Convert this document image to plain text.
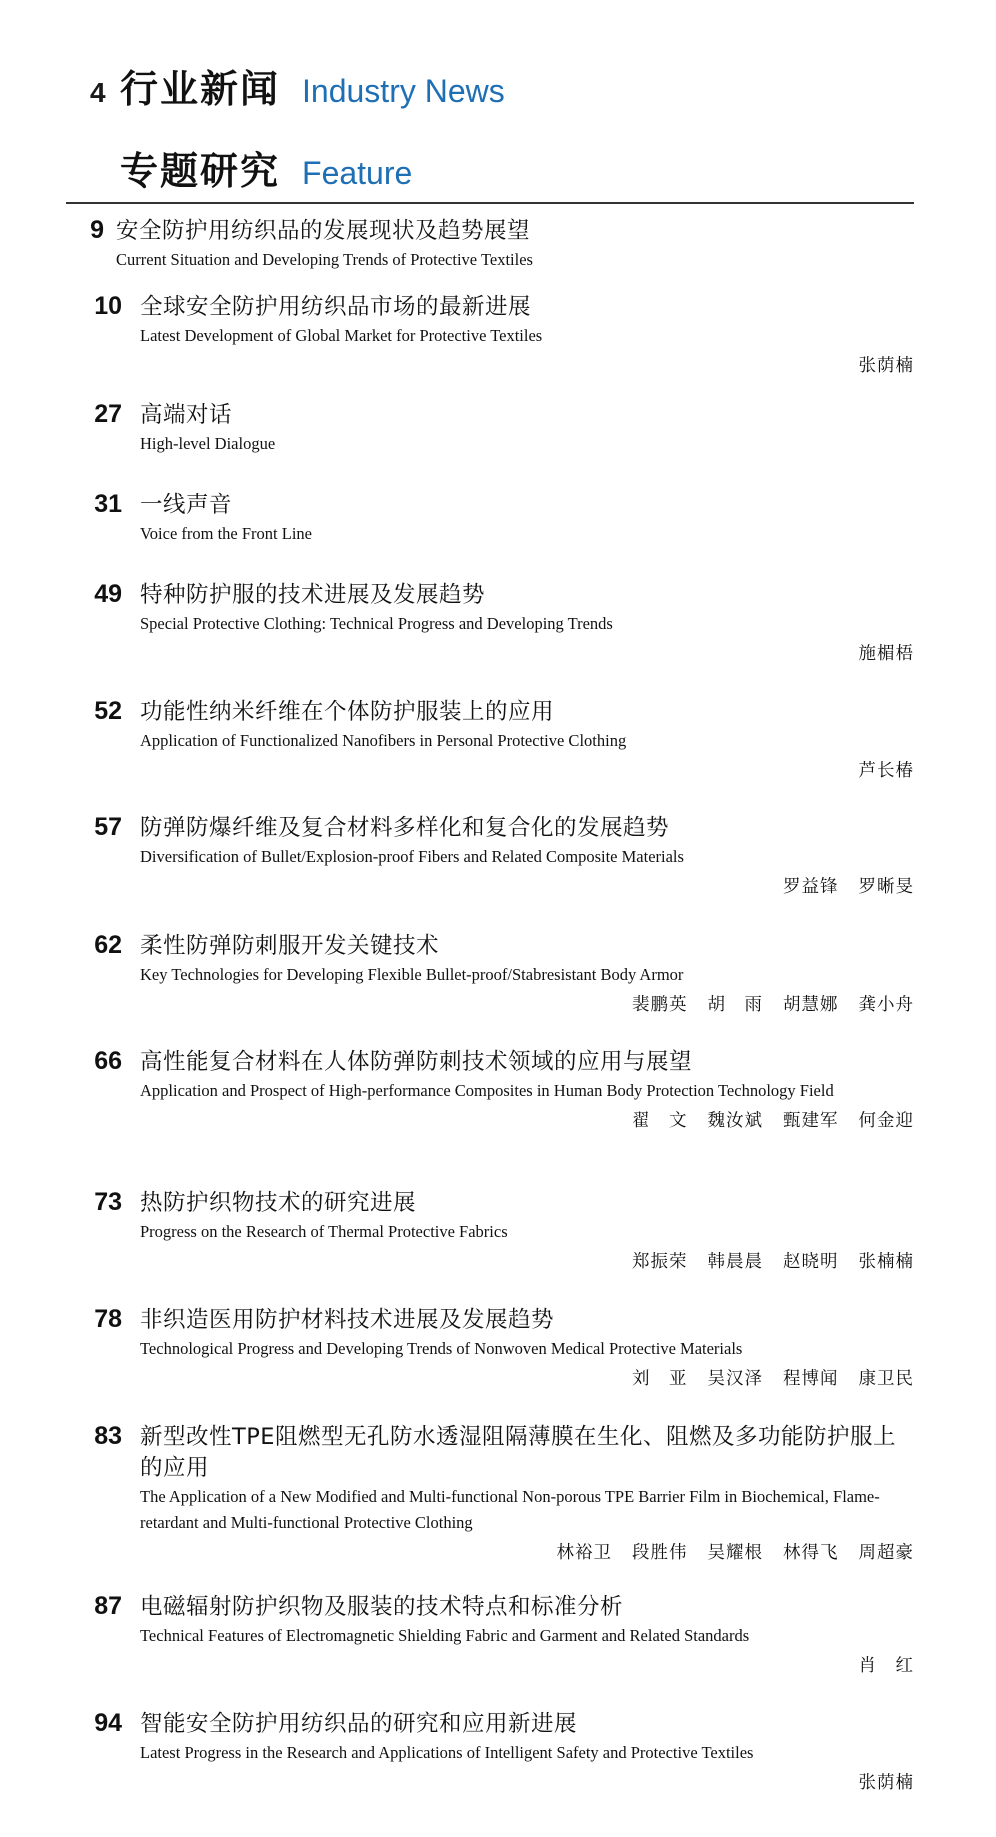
4 行业新闻 Industry News
专题研究 Feature
9 安全防护用纺织品的发展现状及趋势展望
Current Situation and Developing Trends of Protective Textiles
10 全球安全防护用纺织品市场的最新进展
Latest Development of Global Market for Protective Textiles
张荫楠
27 高端对话
High-level Dialogue
31 一线声音
Voice from the Front Line
49 特种防护服的技术进展及发展趋势
Special Protective Clothing: Technical Progress and Developing Trends
施楣梧
52 功能性纳米纤维在个体防护服装上的应用
Application of Functionalized Nanofibers in Personal Protective Clothing
芦长椿
57 防弹防爆纤维及复合材料多样化和复合化的发展趋势
Diversification of Bullet/Explosion-proof Fibers and Related Composite Materials
罗益锋 罗晰旻
62 柔性防弹防刺服开发关键技术
Key Technologies for Developing Flexible Bullet-proof/Stabresistant Body Armor
裴鹏英 胡　雨 胡慧娜 龚小舟
66 高性能复合材料在人体防弹防刺技术领域的应用与展望
Application and Prospect of High-performance Composites in Human Body Protection Technology Field
翟　文 魏汝斌 甄建军 何金迎
73 热防护织物技术的研究进展
Progress on the Research of Thermal Protective Fabrics
郑振荣 韩晨晨 赵晓明 张楠楠
78 非织造医用防护材料技术进展及发展趋势
Technological Progress and Developing Trends of Nonwoven Medical Protective Materials
刘　亚 吴汉泽 程博闻 康卫民
83 新型改性TPE阻燃型无孔防水透湿阻隔薄膜在生化、阻燃及多功能防护服上的应用
The Application of a New Modified and Multi-functional Non-porous TPE Barrier Film in Biochemical, Flame-retardant and Multi-functional Protective Clothing
林裕卫 段胜伟 吴耀根 林得飞 周超豪
87 电磁辐射防护织物及服装的技术特点和标准分析
Technical Features of Electromagnetic Shielding Fabric and Garment and Related Standards
肖　红
94 智能安全防护用纺织品的研究和应用新进展
Latest Progress in the Research and Applications of Intelligent Safety and Protective Textiles
张荫楠
